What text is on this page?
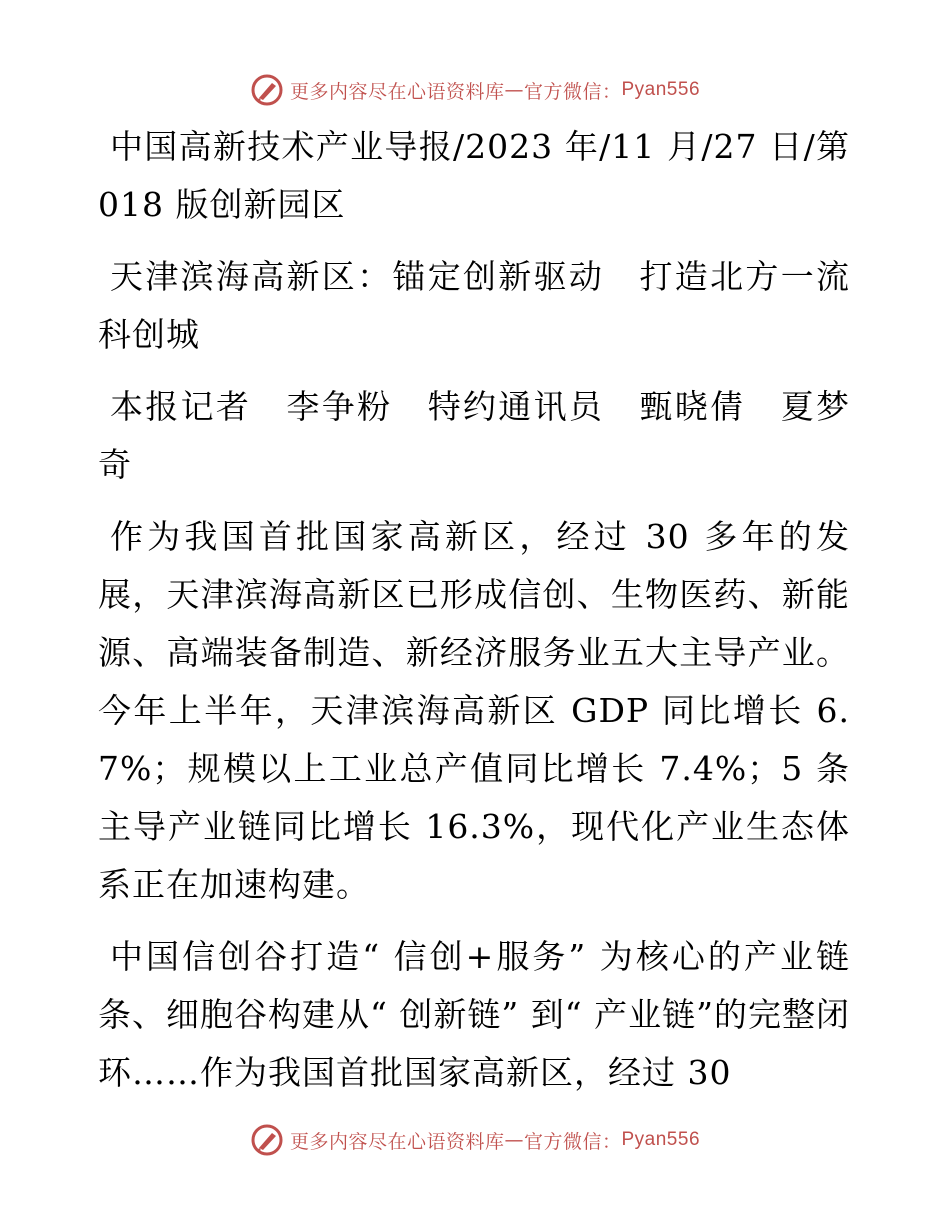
更多内容尽在心语资料库 — 官方微信： Pyan556

中国高新技术产业导报/2023 年/11 月/27 日/第 018 版创新园区

天津滨海高新区：锚定创新驱动　打造北方一流科创城

本报记者　李争粉　特约通讯员　甄晓倩　夏梦奇

作为我国首批国家高新区，经过 30 多年的发展，天津滨海高新区已形成信创、生物医药、新能源、高端装备制造、新经济服务业五大主导产业。今年上半年，天津滨海高新区 GDP 同比增长 6.7%；规模以上工业总产值同比增长 7.4%；5 条主导产业链同比增长 16.3%，现代化产业生态体系正在加速构建。

中国信创谷打造“ 信创+服务” 为核心的产业链条、细胞谷构建从“ 创新链” 到“ 产业链”的完整闭环……作为我国首批国家高新区，经过 30

更多内容尽在心语资料库 — 官方微信： Pyan556
